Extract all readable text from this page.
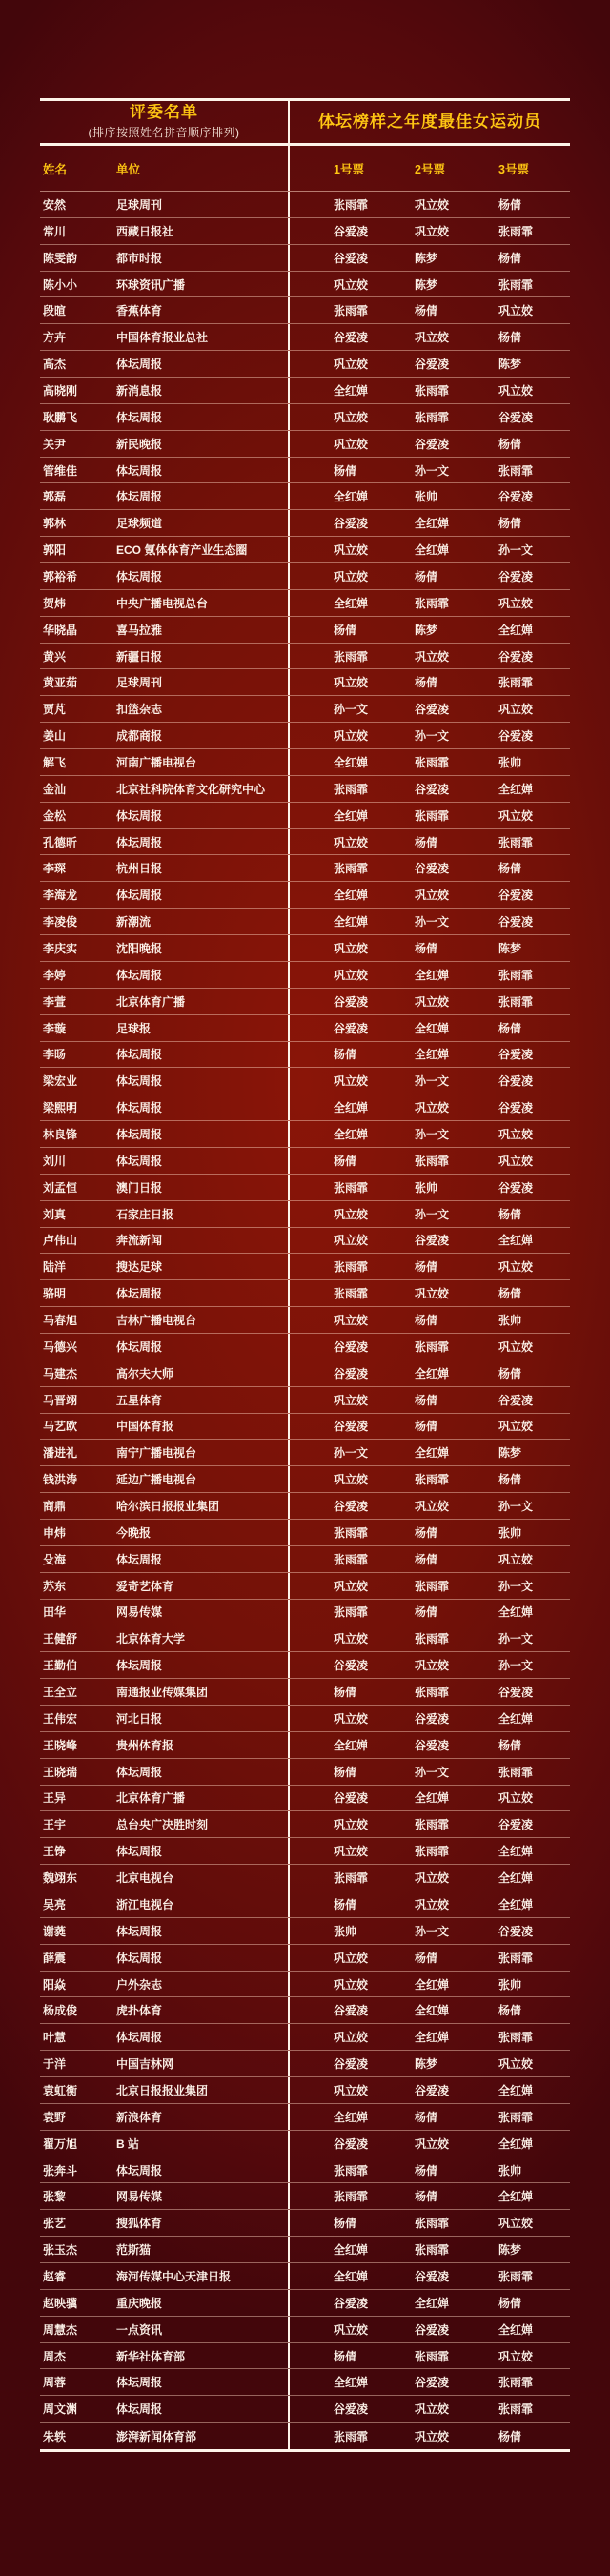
评委名单
(排序按照姓名拼音顺序排列)
体坛榜样之年度最佳女运动员
姓名	单位	1号票	2号票	3号票
安然	足球周刊	张雨霏	巩立姣	杨倩
常川	西藏日报社	谷爱凌	巩立姣	张雨霏
陈雯韵	都市时报	谷爱凌	陈梦	杨倩
陈小小	环球资讯广播	巩立姣	陈梦	张雨霏
段暄	香蕉体育	张雨霏	杨倩	巩立姣
方卉	中国体育报业总社	谷爱凌	巩立姣	杨倩
高杰	体坛周报	巩立姣	谷爱凌	陈梦
高晓刚	新消息报	全红婵	张雨霏	巩立姣
耿鹏飞	体坛周报	巩立姣	张雨霏	谷爱凌
关尹	新民晚报	巩立姣	谷爱凌	杨倩
管维佳	体坛周报	杨倩	孙一文	张雨霏
郭磊	体坛周报	全红婵	张帅	谷爱凌
郭林	足球频道	谷爱凌	全红婵	杨倩
郭阳	ECO 氪体体育产业生态圈	巩立姣	全红婵	孙一文
郭裕希	体坛周报	巩立姣	杨倩	谷爱凌
贺炜	中央广播电视总台	全红婵	张雨霏	巩立姣
华晓晶	喜马拉雅	杨倩	陈梦	全红婵
黄兴	新疆日报	张雨霏	巩立姣	谷爱凌
黄亚茹	足球周刊	巩立姣	杨倩	张雨霏
贾芃	扣篮杂志	孙一文	谷爱凌	巩立姣
姜山	成都商报	巩立姣	孙一文	谷爱凌
解飞	河南广播电视台	全红婵	张雨霏	张帅
金汕	北京社科院体育文化研究中心	张雨霏	谷爱凌	全红婵
金松	体坛周报	全红婵	张雨霏	巩立姣
孔德昕	体坛周报	巩立姣	杨倩	张雨霏
李琛	杭州日报	张雨霏	谷爱凌	杨倩
李海龙	体坛周报	全红婵	巩立姣	谷爱凌
李凌俊	新潮流	全红婵	孙一文	谷爱凌
李庆实	沈阳晚报	巩立姣	杨倩	陈梦
李婷	体坛周报	巩立姣	全红婵	张雨霏
李萱	北京体育广播	谷爱凌	巩立姣	张雨霏
李璇	足球报	谷爱凌	全红婵	杨倩
李旸	体坛周报	杨倩	全红婵	谷爱凌
梁宏业	体坛周报	巩立姣	孙一文	谷爱凌
梁熙明	体坛周报	全红婵	巩立姣	谷爱凌
林良锋	体坛周报	全红婵	孙一文	巩立姣
刘川	体坛周报	杨倩	张雨霏	巩立姣
刘孟恒	澳门日报	张雨霏	张帅	谷爱凌
刘真	石家庄日报	巩立姣	孙一文	杨倩
卢伟山	奔流新闻	巩立姣	谷爱凌	全红婵
陆洋	搜达足球	张雨霏	杨倩	巩立姣
骆明	体坛周报	张雨霏	巩立姣	杨倩
马春旭	吉林广播电视台	巩立姣	杨倩	张帅
马德兴	体坛周报	谷爱凌	张雨霏	巩立姣
马建杰	高尔夫大师	谷爱凌	全红婵	杨倩
马晋翊	五星体育	巩立姣	杨倩	谷爱凌
马艺欧	中国体育报	谷爱凌	杨倩	巩立姣
潘进礼	南宁广播电视台	孙一文	全红婵	陈梦
钱洪涛	延边广播电视台	巩立姣	张雨霏	杨倩
商鼎	哈尔滨日报报业集团	谷爱凌	巩立姣	孙一文
申炜	今晚报	张雨霏	杨倩	张帅
殳海	体坛周报	张雨霏	杨倩	巩立姣
苏东	爱奇艺体育	巩立姣	张雨霏	孙一文
田华	网易传媒	张雨霏	杨倩	全红婵
王健舒	北京体育大学	巩立姣	张雨霏	孙一文
王勤伯	体坛周报	谷爱凌	巩立姣	孙一文
王全立	南通报业传媒集团	杨倩	张雨霏	谷爱凌
王伟宏	河北日报	巩立姣	谷爱凌	全红婵
王晓峰	贵州体育报	全红婵	谷爱凌	杨倩
王晓瑞	体坛周报	杨倩	孙一文	张雨霏
王异	北京体育广播	谷爱凌	全红婵	巩立姣
王宇	总台央广决胜时刻	巩立姣	张雨霏	谷爱凌
王铮	体坛周报	巩立姣	张雨霏	全红婵
魏翊东	北京电视台	张雨霏	巩立姣	全红婵
吴亮	浙江电视台	杨倩	巩立姣	全红婵
谢蕤	体坛周报	张帅	孙一文	谷爱凌
薛震	体坛周报	巩立姣	杨倩	张雨霏
阳焱	户外杂志	巩立姣	全红婵	张帅
杨成俊	虎扑体育	谷爱凌	全红婵	杨倩
叶慧	体坛周报	巩立姣	全红婵	张雨霏
于洋	中国吉林网	谷爱凌	陈梦	巩立姣
袁虹衡	北京日报报业集团	巩立姣	谷爱凌	全红婵
袁野	新浪体育	全红婵	杨倩	张雨霏
翟万旭	B 站	谷爱凌	巩立姣	全红婵
张奔斗	体坛周报	张雨霏	杨倩	张帅
张黎	网易传媒	张雨霏	杨倩	全红婵
张艺	搜狐体育	杨倩	张雨霏	巩立姣
张玉杰	范斯猫	全红婵	张雨霏	陈梦
赵睿	海河传媒中心天津日报	全红婵	谷爱凌	张雨霏
赵映骥	重庆晚报	谷爱凌	全红婵	杨倩
周慧杰	一点资讯	巩立姣	谷爱凌	全红婵
周杰	新华社体育部	杨倩	张雨霏	巩立姣
周蓉	体坛周报	全红婵	谷爱凌	张雨霏
周文渊	体坛周报	谷爱凌	巩立姣	张雨霏
朱轶	澎湃新闻体育部	张雨霏	巩立姣	杨倩
